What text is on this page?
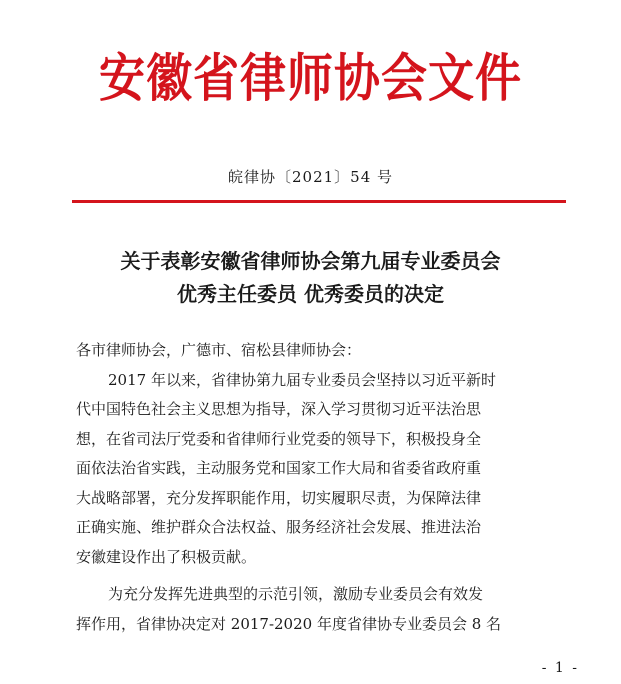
安徽省律师协会文件
皖律协〔2021〕54 号
关于表彰安徽省律师协会第九届专业委员会
优秀主任委员 优秀委员的决定

各市律师协会，广德市、宿松县律师协会：

2017 年以来，省律协第九届专业委员会坚持以习近平新时
代中国特色社会主义思想为指导，深入学习贯彻习近平法治思
想，在省司法厅党委和省律师行业党委的领导下，积极投身全
面依法治省实践，主动服务党和国家工作大局和省委省政府重
大战略部署，充分发挥职能作用，切实履职尽责，为保障法律
正确实施、维护群众合法权益、服务经济社会发展、推进法治
安徽建设作出了积极贡献。

为充分发挥先进典型的示范引领，激励专业委员会有效发
挥作用，省律协决定对 2017-2020 年度省律协专业委员会 8 名

- 1 -
